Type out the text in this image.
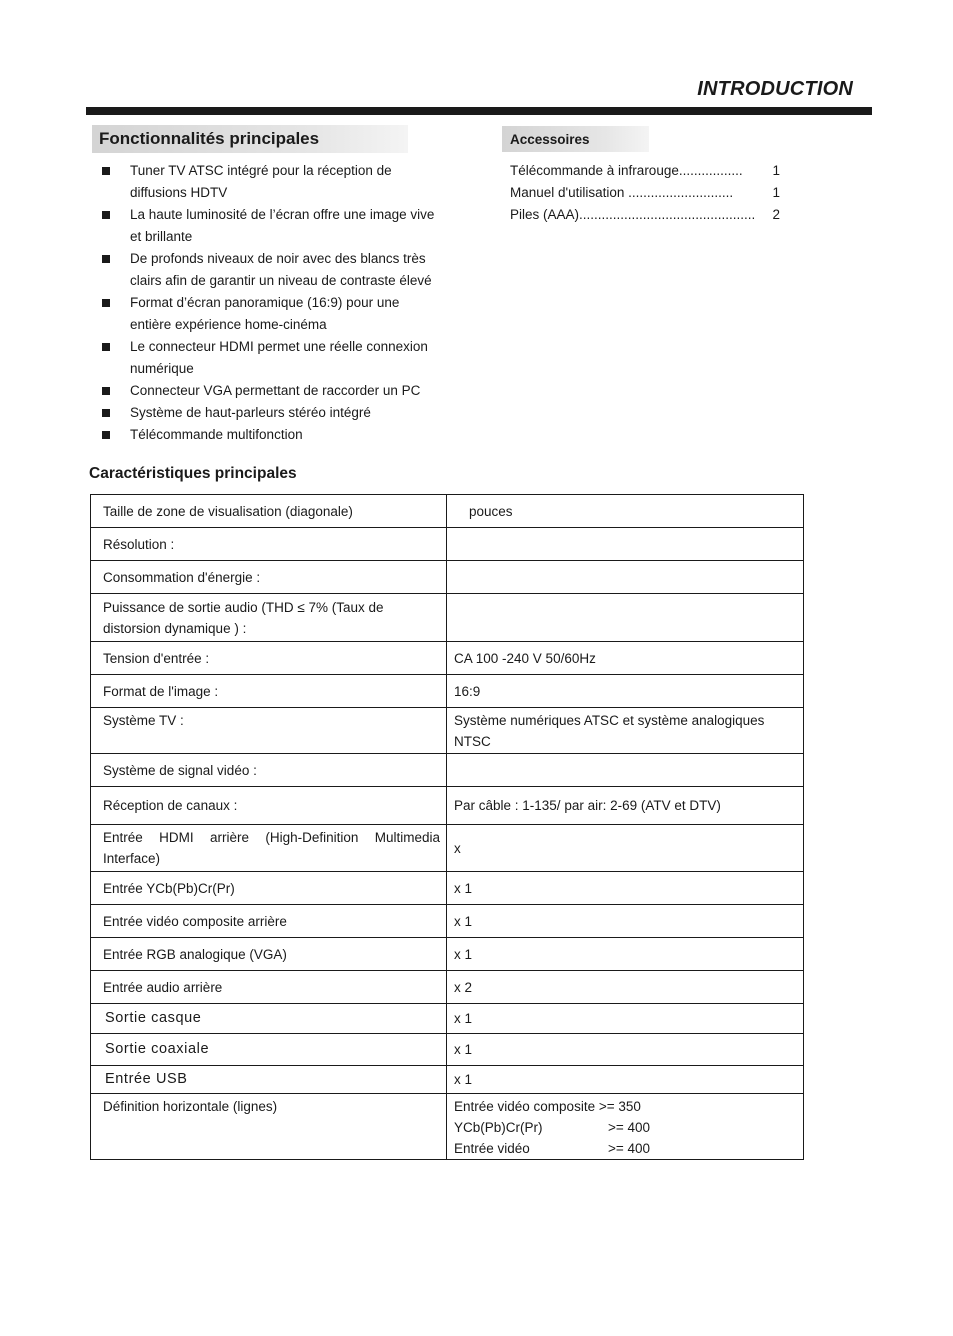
INTRODUCTION
Fonctionnalités principales
Tuner TV ATSC intégré pour la réception de
diffusions HDTV
La haute luminosité de l’écran offre une image vive
et brillante
De profonds niveaux de noir avec des blancs très
clairs afin de garantir un niveau de contraste élevé
Format d’écran panoramique (16:9) pour une
entière expérience home-cinéma
Le connecteur HDMI permet une réelle connexion
numérique
Connecteur VGA permettant de raccorder un PC
Système de haut-parleurs stéréo intégré
Télécommande multifonction
Accessoires
Télécommande à infrarouge................. 1
Manuel d'utilisation ............................	1
Piles (AAA)............................................... 2
Caractéristiques principales
Taille de zone de visualisation (diagonale)	pouces

Résolution :	

Consommation d'énergie :	

Puissance de sortie audio (THD ≤ 7% (Taux de
distorsion dynamique ) :	

Tension d'entrée :	CA 100 -240 V 50/60Hz

Format de l'image :	16:9

Système TV :	Système numériques ATSC et système analogiques
NTSC

Système de signal vidéo :	

Réception de canaux :	Par câble : 1-135/ par air: 2-69 (ATV et DTV)

Entrée HDMI arrière (High-Definition Multimedia
Interface)	x

Entrée YCb(Pb)Cr(Pr)	x 1

Entrée vidéo composite arrière	x 1

Entrée RGB analogique (VGA)	x 1

Entrée audio arrière	x 2

Sortie casque	x 1

Sortie coaxiale	x 1

Entrée USB	x 1

Définition horizontale (lignes)	Entrée vidéo composite >= 350
YCb(Pb)Cr(Pr) >= 400
Entrée vidéo >= 400
